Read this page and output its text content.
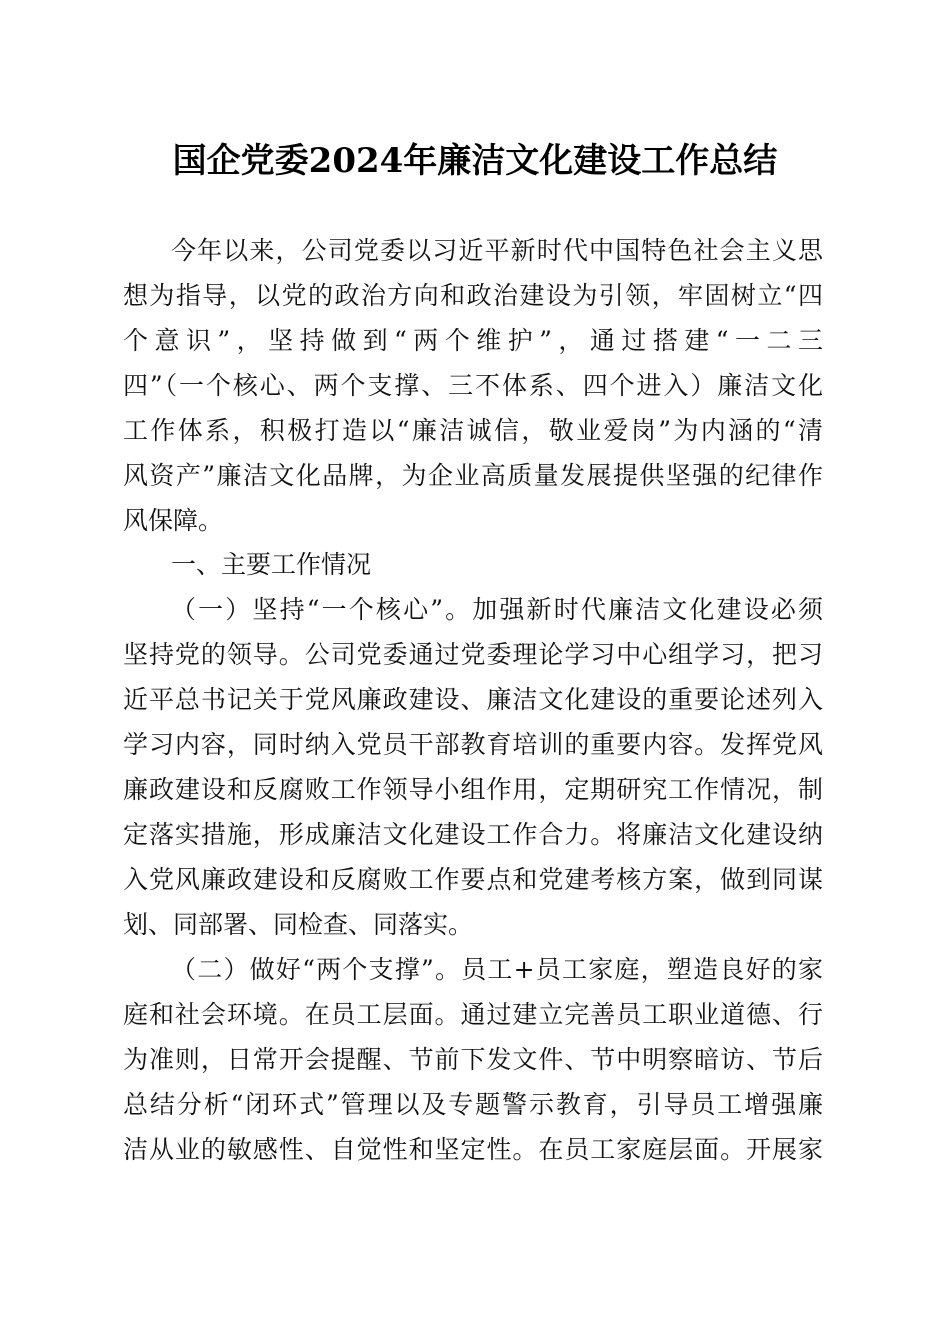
国企党委2024年廉洁文化建设工作总结
今年以来，公司党委以习近平新时代中国特色社会主义思
想为指导，以党的政治方向和政治建设为引领，牢固树立“四
个意识”，坚持做到“两个维护”，通过搭建“一二三
四”（一个核心、两个支撑、三不体系、四个进入）廉洁文化
工作体系，积极打造以“廉洁诚信，敬业爱岗”为内涵的“清
风资产”廉洁文化品牌，为企业高质量发展提供坚强的纪律作
风保障。
一、主要工作情况
（一）坚持“一个核心”。加强新时代廉洁文化建设必须
坚持党的领导。公司党委通过党委理论学习中心组学习，把习
近平总书记关于党风廉政建设、廉洁文化建设的重要论述列入
学习内容，同时纳入党员干部教育培训的重要内容。发挥党风
廉政建设和反腐败工作领导小组作用，定期研究工作情况，制
定落实措施，形成廉洁文化建设工作合力。将廉洁文化建设纳
入党风廉政建设和反腐败工作要点和党建考核方案，做到同谋
划、同部署、同检查、同落实。
（二）做好“两个支撑”。员工+员工家庭，塑造良好的家
庭和社会环境。在员工层面。通过建立完善员工职业道德、行
为准则，日常开会提醒、节前下发文件、节中明察暗访、节后
总结分析“闭环式”管理以及专题警示教育，引导员工增强廉
洁从业的敏感性、自觉性和坚定性。在员工家庭层面。开展家
